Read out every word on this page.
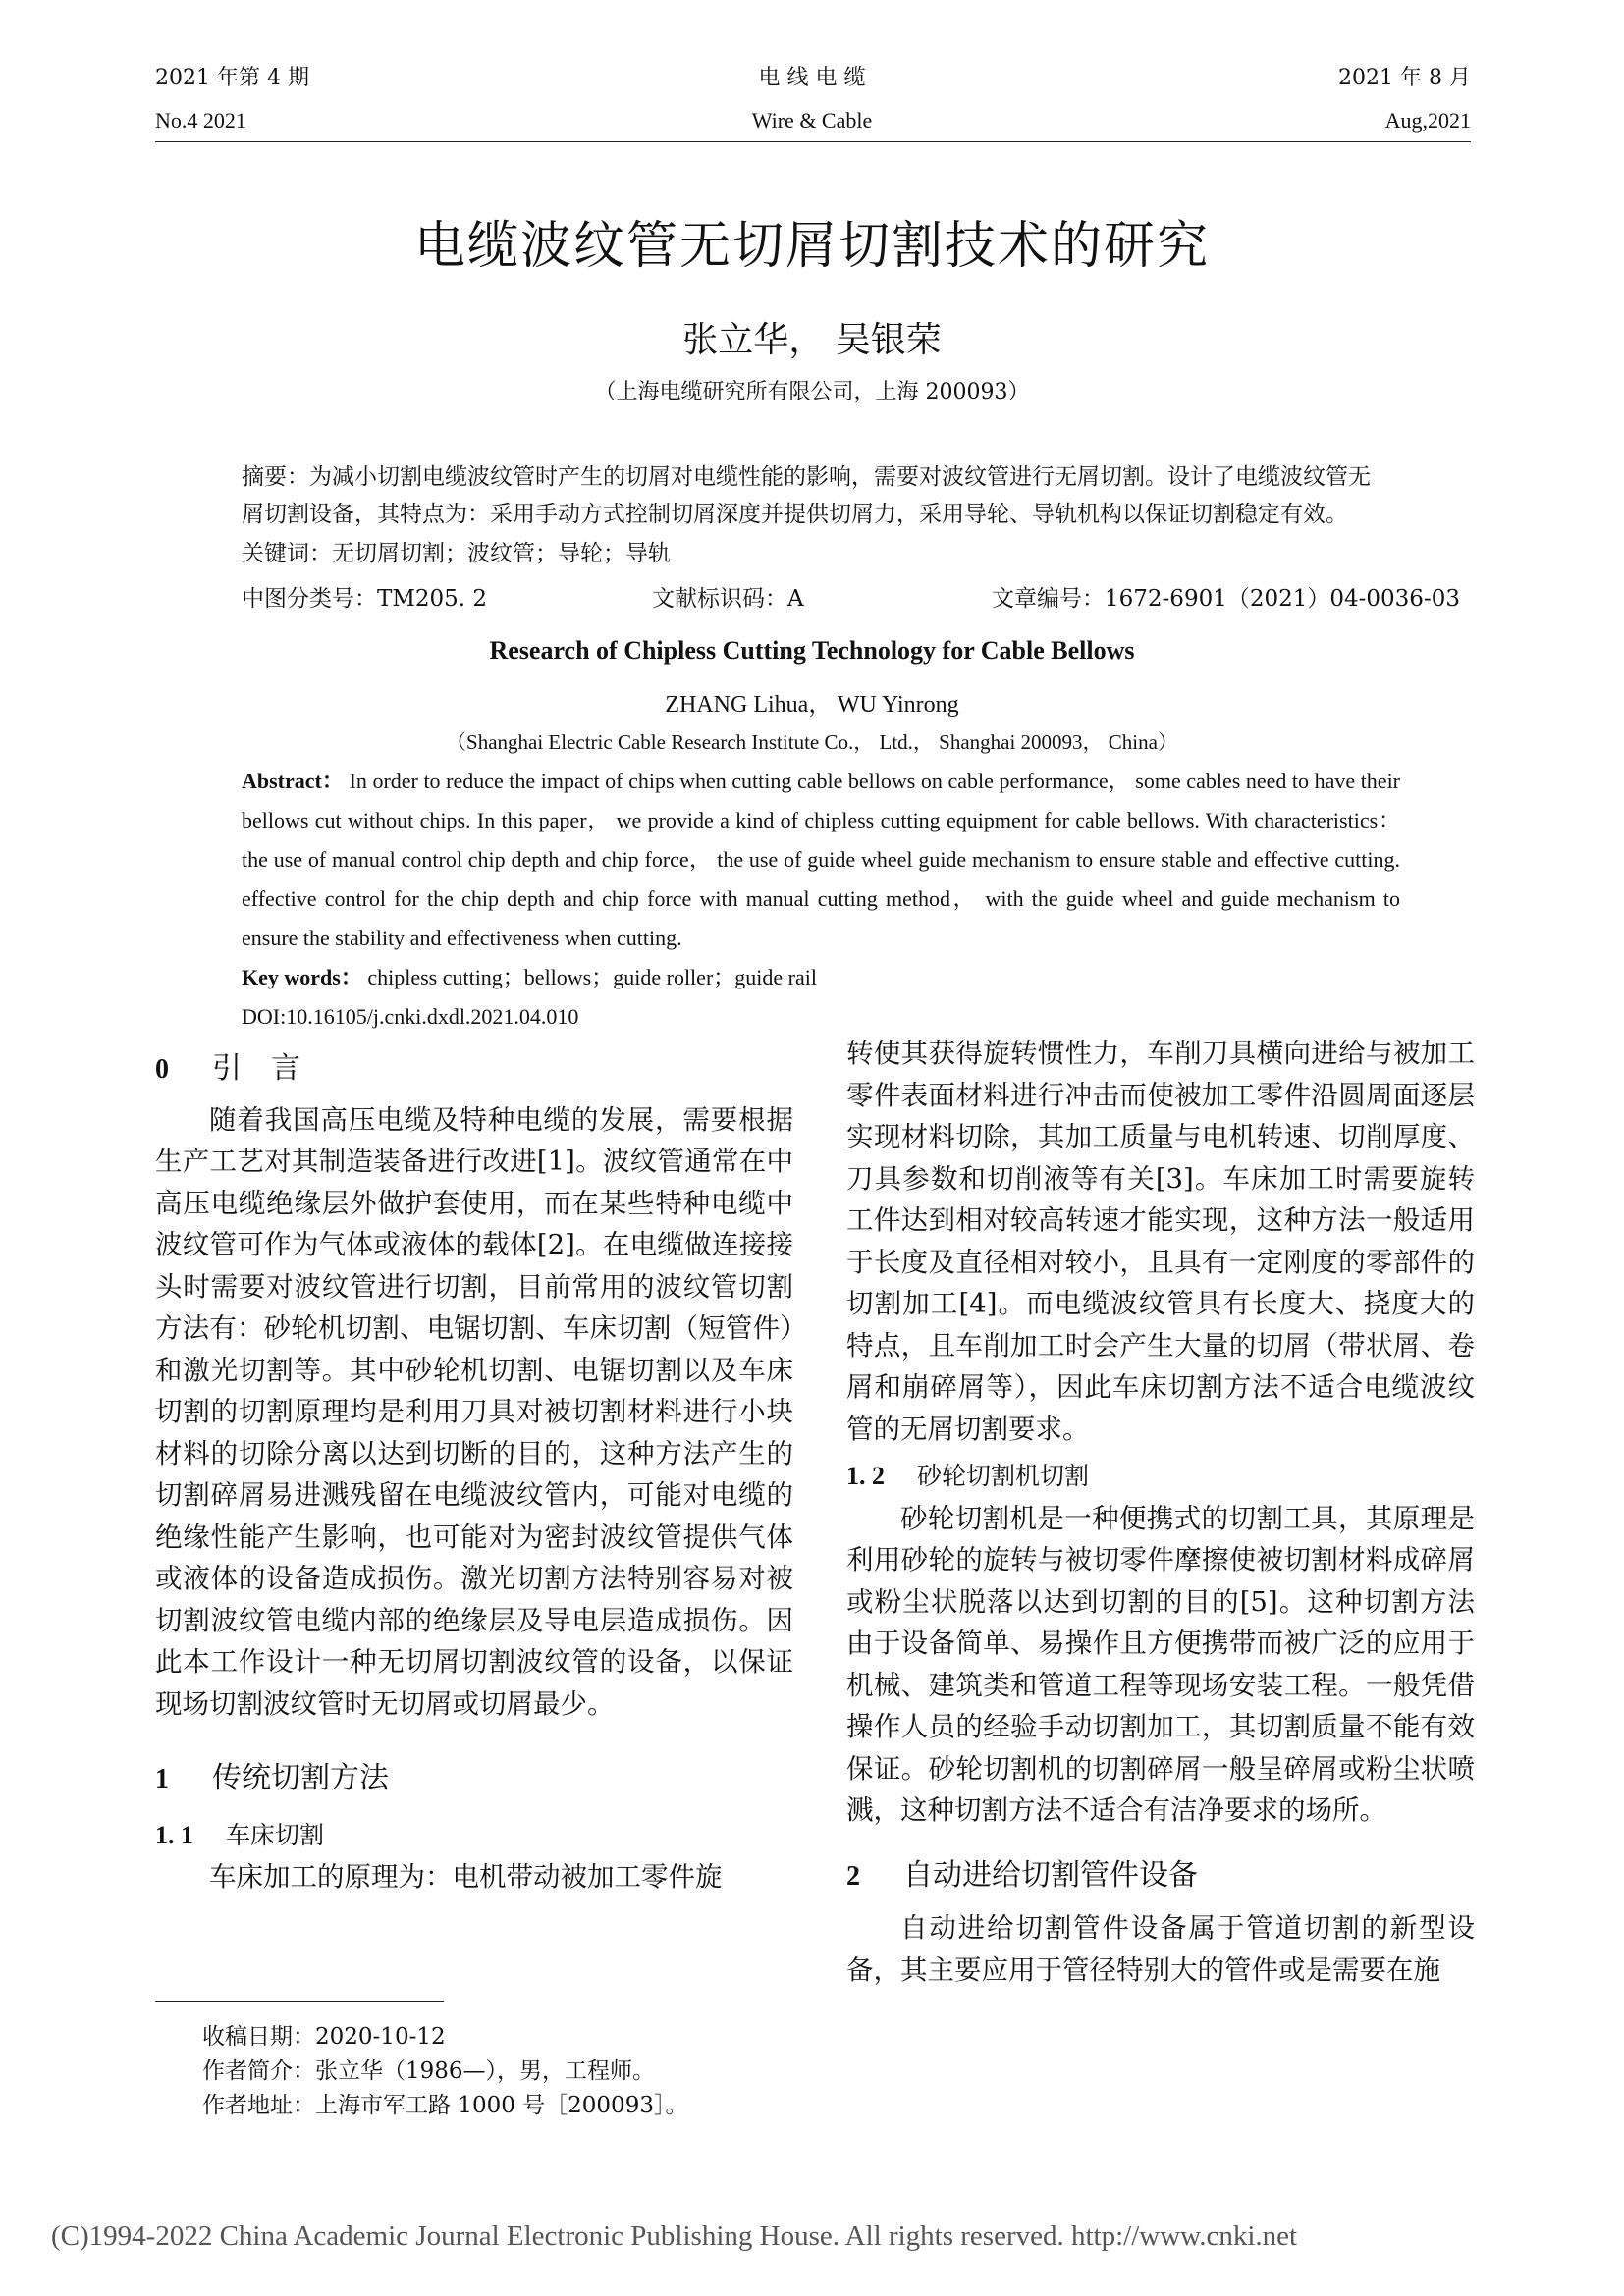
2021 年第 4 期
No.4 2021
电 线 电 缆
Wire & Cable
2021 年 8 月
Aug,2021
电缆波纹管无切屑切割技术的研究
张立华， 吴银荣
（上海电缆研究所有限公司，上海 200093）
摘要：为减小切割电缆波纹管时产生的切屑对电缆性能的影响，需要对波纹管进行无屑切割。设计了电缆波纹管无
屑切割设备，其特点为：采用手动方式控制切屑深度并提供切屑力，采用导轮、导轨机构以保证切割稳定有效。
关键词：无切屑切割；波纹管；导轮；导轨
中图分类号：TM205. 2	文献标识码：A	文章编号：1672-6901（2021）04-0036-03
Research of Chipless Cutting Technology for Cable Bellows
ZHANG Lihua， WU Yinrong
（Shanghai Electric Cable Research Institute Co.， Ltd.， Shanghai 200093， China）
Abstract： In order to reduce the impact of chips when cutting cable bellows on cable performance， some cables need to have their bellows cut without chips. In this paper， we provide a kind of chipless cutting equipment for cable bellows. With characteristics： the use of manual control chip depth and chip force， the use of guide wheel guide mechanism to ensure stable and effective cutting. effective control for the chip depth and chip force with manual cutting method， with the guide wheel and guide mechanism to ensure the stability and effectiveness when cutting.
Key words： chipless cutting；bellows；guide roller；guide rail
DOI:10.16105/j.cnki.dxdl.2021.04.010
0 引　言

随着我国高压电缆及特种电缆的发展，需要根据生产工艺对其制造装备进行改进[1]。波纹管通常在中高压电缆绝缘层外做护套使用，而在某些特种电缆中波纹管可作为气体或液体的载体[2]。在电缆做连接接头时需要对波纹管进行切割，目前常用的波纹管切割方法有：砂轮机切割、电锯切割、车床切割（短管件）和激光切割等。其中砂轮机切割、电锯切割以及车床切割的切割原理均是利用刀具对被切割材料进行小块材料的切除分离以达到切断的目的，这种方法产生的切割碎屑易进溅残留在电缆波纹管内，可能对电缆的绝缘性能产生影响，也可能对为密封波纹管提供气体或液体的设备造成损伤。激光切割方法特别容易对被切割波纹管电缆内部的绝缘层及导电层造成损伤。因此本工作设计一种无切屑切割波纹管的设备，以保证现场切割波纹管时无切屑或切屑最少。

1 传统切割方法
1. 1 车床切割

车床加工的原理为：电机带动被加工零件旋

收稿日期：2020-10-12
作者简介：张立华（1986—），男，工程师。
作者地址：上海市军工路 1000 号［200093］。

转使其获得旋转惯性力，车削刀具横向进给与被加工零件表面材料进行冲击而使被加工零件沿圆周面逐层实现材料切除，其加工质量与电机转速、切削厚度、刀具参数和切削液等有关[3]。车床加工时需要旋转工件达到相对较高转速才能实现，这种方法一般适用于长度及直径相对较小，且具有一定刚度的零部件的切割加工[4]。而电缆波纹管具有长度大、挠度大的特点，且车削加工时会产生大量的切屑（带状屑、卷屑和崩碎屑等），因此车床切割方法不适合电缆波纹管的无屑切割要求。

1. 2 砂轮切割机切割

砂轮切割机是一种便携式的切割工具，其原理是利用砂轮的旋转与被切零件摩擦使被切割材料成碎屑或粉尘状脱落以达到切割的目的[5]。这种切割方法由于设备简单、易操作且方便携带而被广泛的应用于机械、建筑类和管道工程等现场安装工程。一般凭借操作人员的经验手动切割加工，其切割质量不能有效保证。砂轮切割机的切割碎屑一般呈碎屑或粉尘状喷溅，这种切割方法不适合有洁净要求的场所。

2 自动进给切割管件设备

自动进给切割管件设备属于管道切割的新型设备，其主要应用于管径特别大的管件或是需要在施

(C)1994-2022 China Academic Journal Electronic Publishing House. All rights reserved. http://www.cnki.net
